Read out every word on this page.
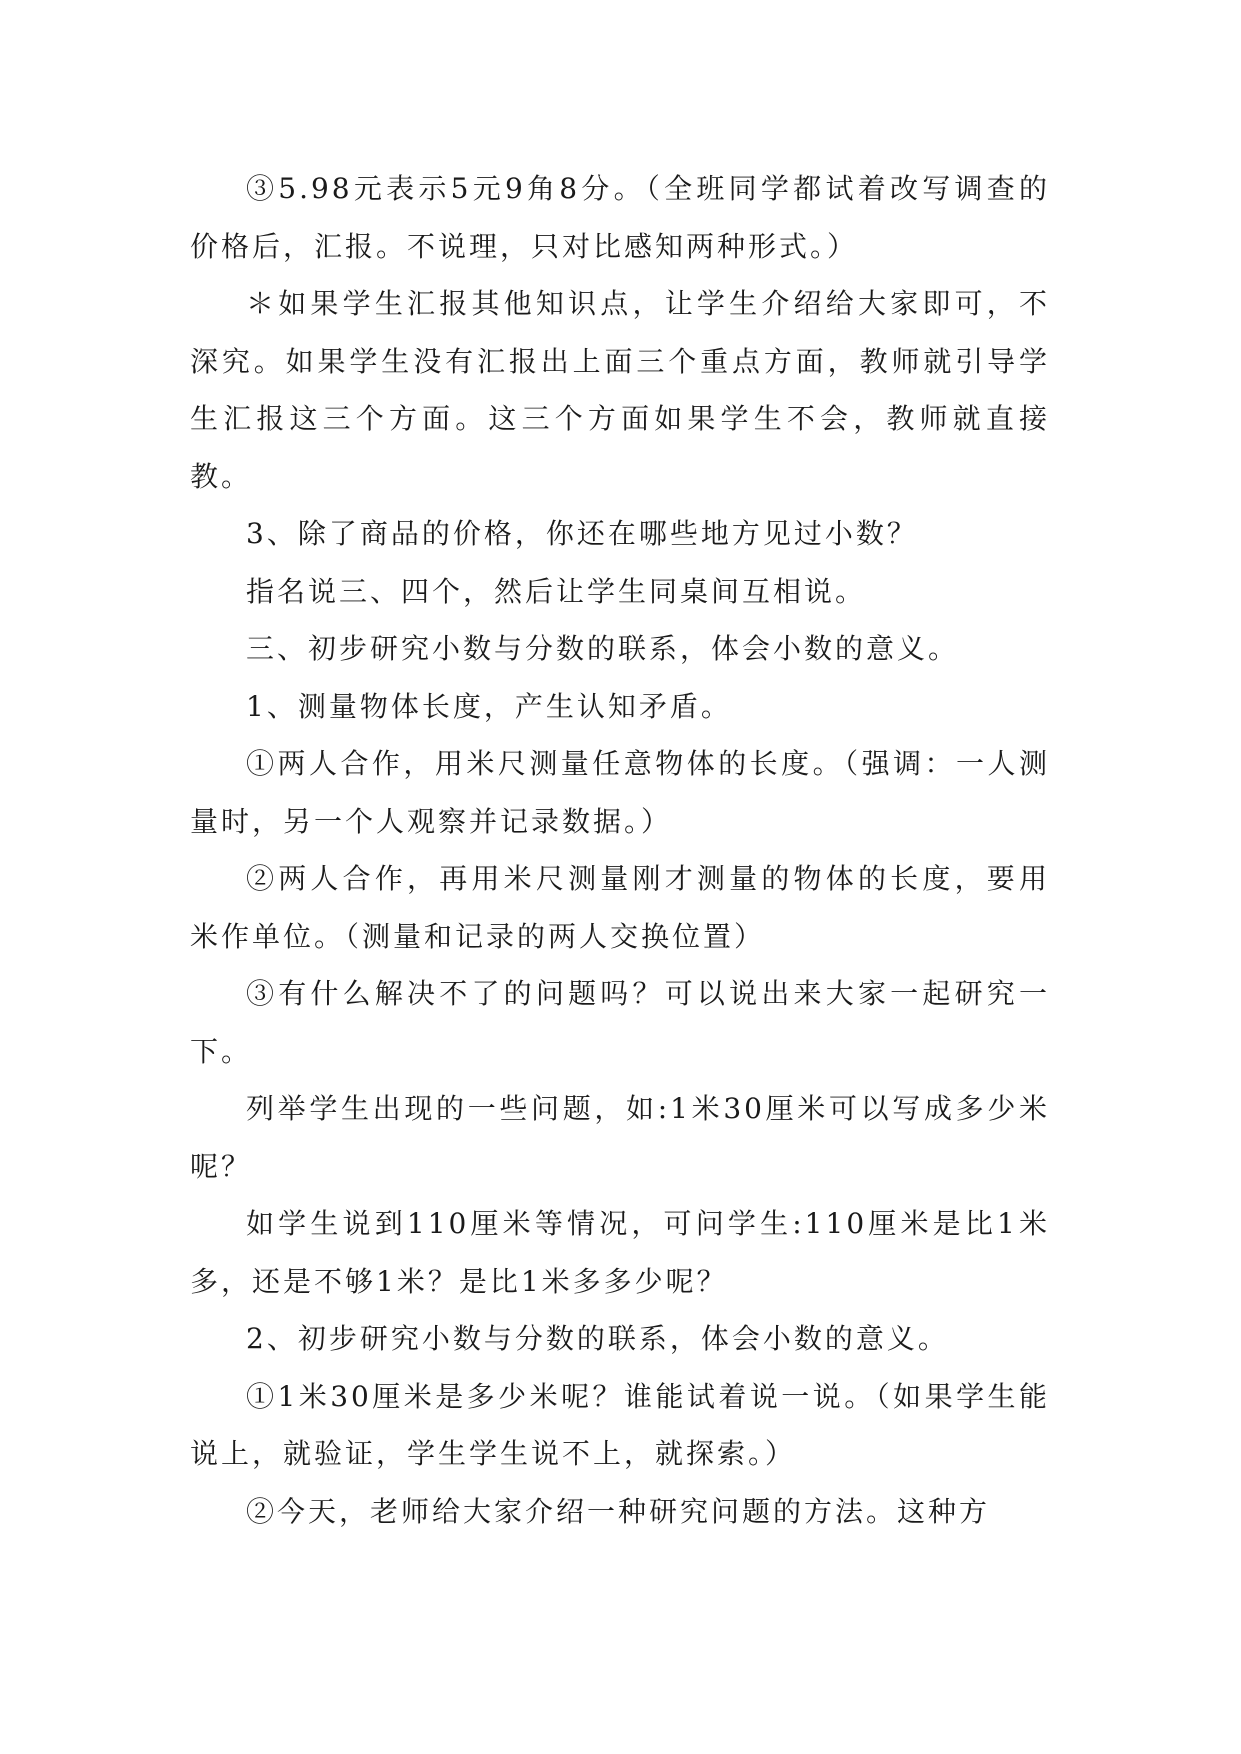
③5.98元表示5元9角8分。（全班同学都试着改写调查的价格后，汇报。不说理，只对比感知两种形式。）

＊如果学生汇报其他知识点，让学生介绍给大家即可，不深究。如果学生没有汇报出上面三个重点方面，教师就引导学生汇报这三个方面。这三个方面如果学生不会，教师就直接教。

3、除了商品的价格，你还在哪些地方见过小数？

指名说三、四个，然后让学生同桌间互相说。

三、初步研究小数与分数的联系，体会小数的意义。

1、测量物体长度，产生认知矛盾。

①两人合作，用米尺测量任意物体的长度。（强调：一人测量时，另一个人观察并记录数据。）

②两人合作，再用米尺测量刚才测量的物体的长度，要用米作单位。（测量和记录的两人交换位置）

③有什么解决不了的问题吗？可以说出来大家一起研究一下。

列举学生出现的一些问题，如:1米30厘米可以写成多少米呢？

如学生说到110厘米等情况，可问学生:110厘米是比1米多，还是不够1米？是比1米多多少呢？

2、初步研究小数与分数的联系，体会小数的意义。

①1米30厘米是多少米呢？谁能试着说一说。（如果学生能说上，就验证，学生学生说不上，就探索。）

②今天，老师给大家介绍一种研究问题的方法。这种方
